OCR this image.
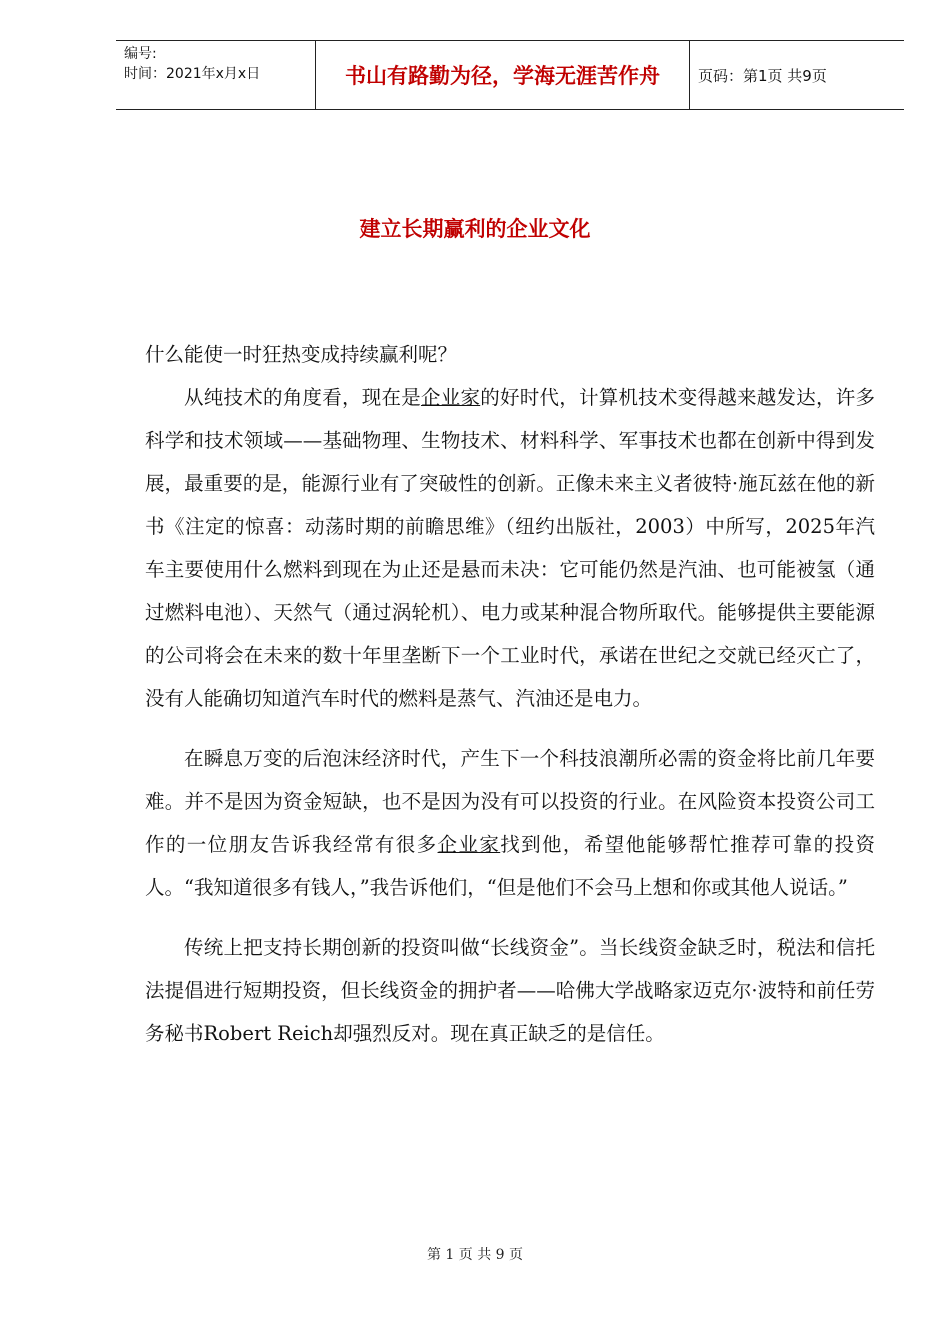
编号:
时间：2021年x月x日	书山有路勤为径，学海无涯苦作舟	页码：第1页 共9页
建立长期赢利的企业文化

什么能使一时狂热变成持续赢利呢？

从纯技术的角度看，现在是企业家的好时代，计算机技术变得越来越发达，许多科学和技术领域——基础物理、生物技术、材料科学、军事技术也都在创新中得到发展，最重要的是，能源行业有了突破性的创新。正像未来主义者彼特·施瓦兹在他的新书《注定的惊喜：动荡时期的前瞻思维》（纽约出版社，2003）中所写，2025年汽车主要使用什么燃料到现在为止还是悬而未决：它可能仍然是汽油、也可能被氢（通过燃料电池）、天然气（通过涡轮机）、电力或某种混合物所取代。能够提供主要能源的公司将会在未来的数十年里垄断下一个工业时代，承诺在世纪之交就已经灭亡了，没有人能确切知道汽车时代的燃料是蒸气、汽油还是电力。

在瞬息万变的后泡沫经济时代，产生下一个科技浪潮所必需的资金将比前几年要难。并不是因为资金短缺，也不是因为没有可以投资的行业。在风险资本投资公司工作的一位朋友告诉我经常有很多企业家找到他，希望他能够帮忙推荐可靠的投资人。“我知道很多有钱人，”我告诉他们，“但是他们不会马上想和你或其他人说话。”

传统上把支持长期创新的投资叫做“长线资金”。当长线资金缺乏时，税法和信托法提倡进行短期投资，但长线资金的拥护者——哈佛大学战略家迈克尔·波特和前任劳务秘书Robert Reich却强烈反对。现在真正缺乏的是信任。

第 1 页 共 9 页
